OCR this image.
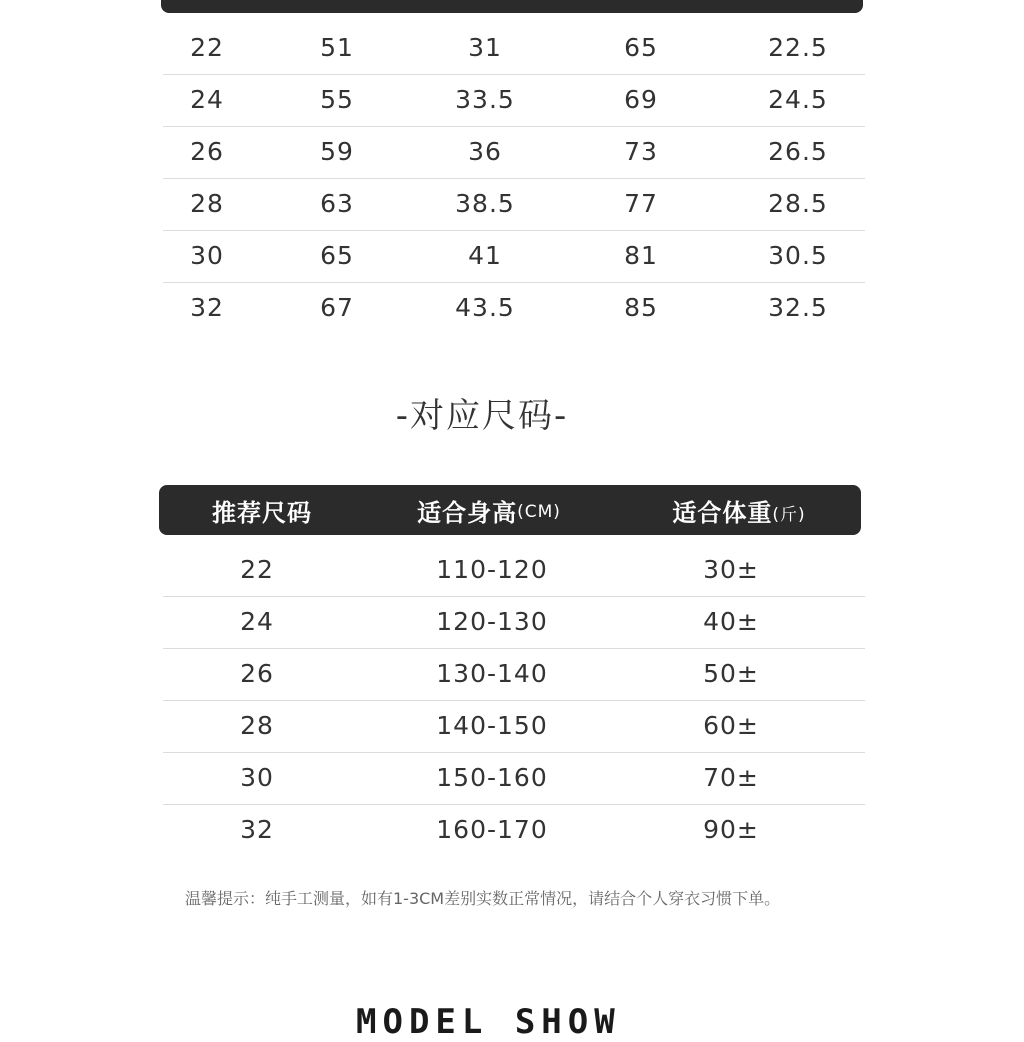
22	51	31	65	22.5
24	55	33.5	69	24.5
26	59	36	73	26.5
28	63	38.5	77	28.5
30	65	41	81	30.5
32	67	43.5	85	32.5
-对应尺码-
推荐尺码	适合身高 (CM)	适合体重 (斤)
22	110-120	30±
24	120-130	40±
26	130-140	50±
28	140-150	60±
30	150-160	70±
32	160-170	90±
温馨提示：纯手工测量，如有1-3CM差别实数正常情况，请结合个人穿衣习惯下单。
MODEL SHOW
